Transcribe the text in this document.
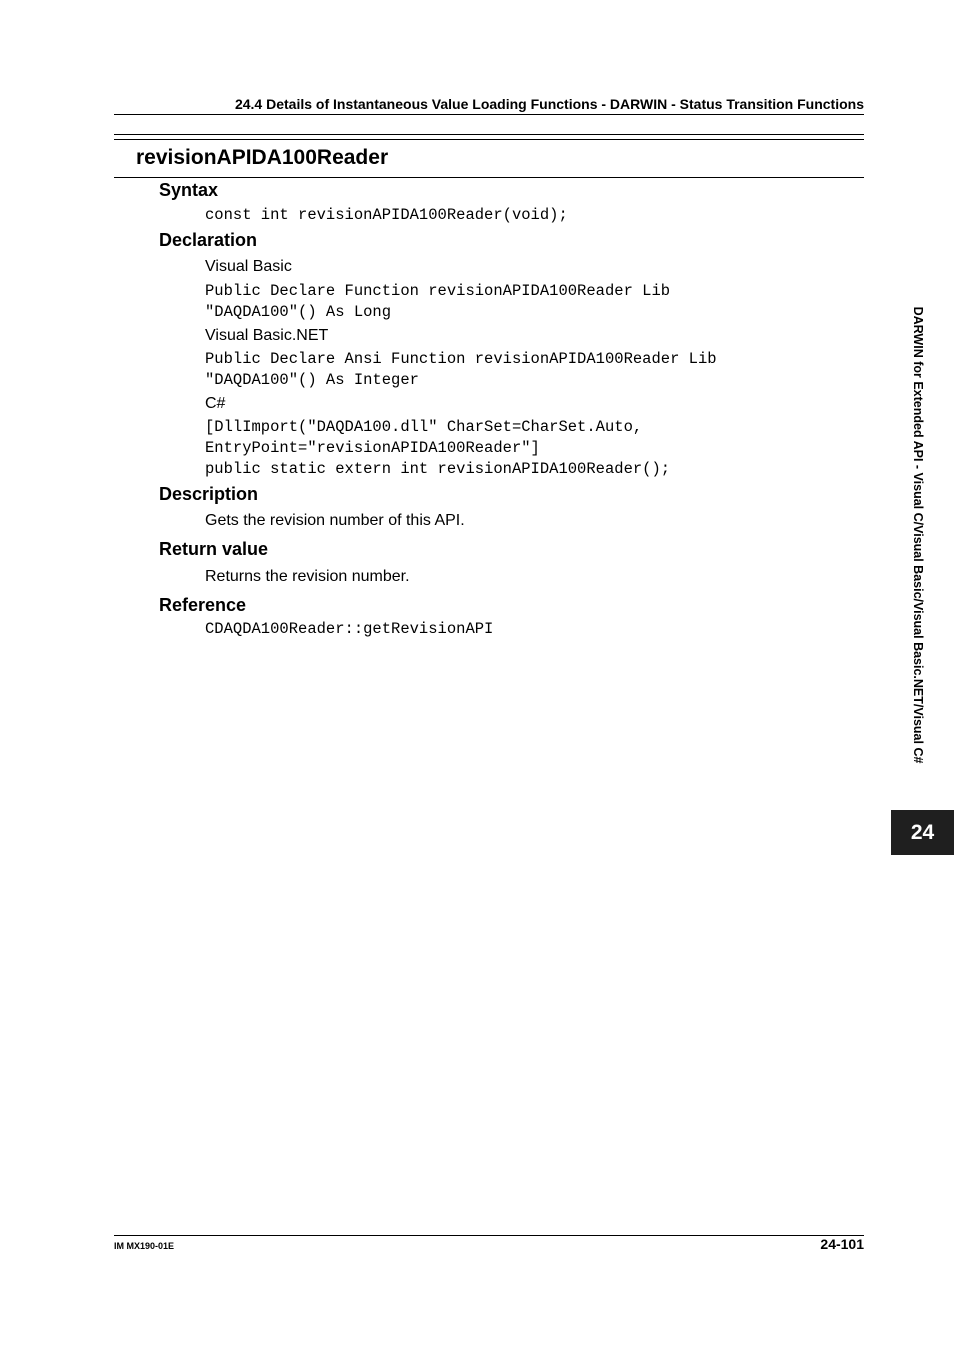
24.4 Details of Instantaneous Value Loading Functions - DARWIN - Status Transition Functions
revisionAPIDA100Reader
Syntax
const int revisionAPIDA100Reader(void);
Declaration
Visual Basic
Public Declare Function revisionAPIDA100Reader Lib
"DAQDA100"() As Long
Visual Basic.NET
Public Declare Ansi Function revisionAPIDA100Reader Lib
"DAQDA100"() As Integer
C#
[DllImport("DAQDA100.dll" CharSet=CharSet.Auto,
EntryPoint="revisionAPIDA100Reader"]
public static extern int revisionAPIDA100Reader();
Description
Gets the revision number of this API.
Return value
Returns the revision number.
Reference
CDAQDA100Reader::getRevisionAPI	DARWIN for Extended API - Visual C/Visual Basic/Visual Basic.NET/Visual C#
24
IM MX190-01E	24-101
